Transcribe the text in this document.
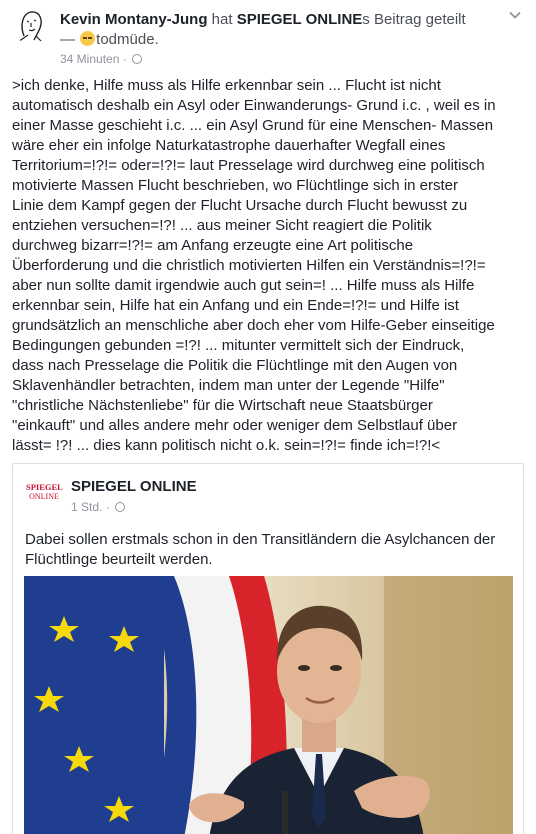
Kevin Montany-Jung hat SPIEGEL ONLINEs Beitrag geteilt
— todmüde.
34 Minuten ·
>ich denke, Hilfe muss als Hilfe erkennbar sein ... Flucht ist nicht
automatisch deshalb ein Asyl oder Einwanderungs- Grund i.c. , weil es in
einer Masse geschieht i.c. ... ein Asyl Grund für eine Menschen- Massen
wäre eher ein infolge Naturkatastrophe dauerhafter Wegfall eines
Territorium=!?!= oder=!?!= laut Presselage wird durchweg eine politisch
motivierte Massen Flucht beschrieben, wo Flüchtlinge sich in erster
Linie dem Kampf gegen der Flucht Ursache durch Flucht bewusst zu
entziehen versuchen=!?! ... aus meiner Sicht reagiert die Politik
durchweg bizarr=!?!= am Anfang erzeugte eine Art politische
Überforderung und die christlich motivierten Hilfen ein Verständnis=!?!=
aber nun sollte damit irgendwie auch gut sein=! ... Hilfe muss als Hilfe
erkennbar sein, Hilfe hat ein Anfang und ein Ende=!?!= und Hilfe ist
grundsätzlich an menschliche aber doch eher vom Hilfe-Geber einseitige
Bedingungen gebunden =!?! ... mitunter vermittelt sich der Eindruck,
dass nach Presselage die Politik die Flüchtlinge mit den Augen von
Sklavenhändler betrachten, indem man unter der Legende "Hilfe"
"christliche Nächstenliebe" für die Wirtschaft neue Staatsbürger
"einkauft" und alles andere mehr oder weniger dem Selbstlauf über
lässt= !?! ... dies kann politisch nicht o.k. sein=!?!= finde ich=!?!<
SPIEGEL
ONLINE
SPIEGEL ONLINE
1 Std. ·
Dabei sollen erstmals schon in den Transitländern die Asylchancen der Flüchtlinge beurteilt werden.
